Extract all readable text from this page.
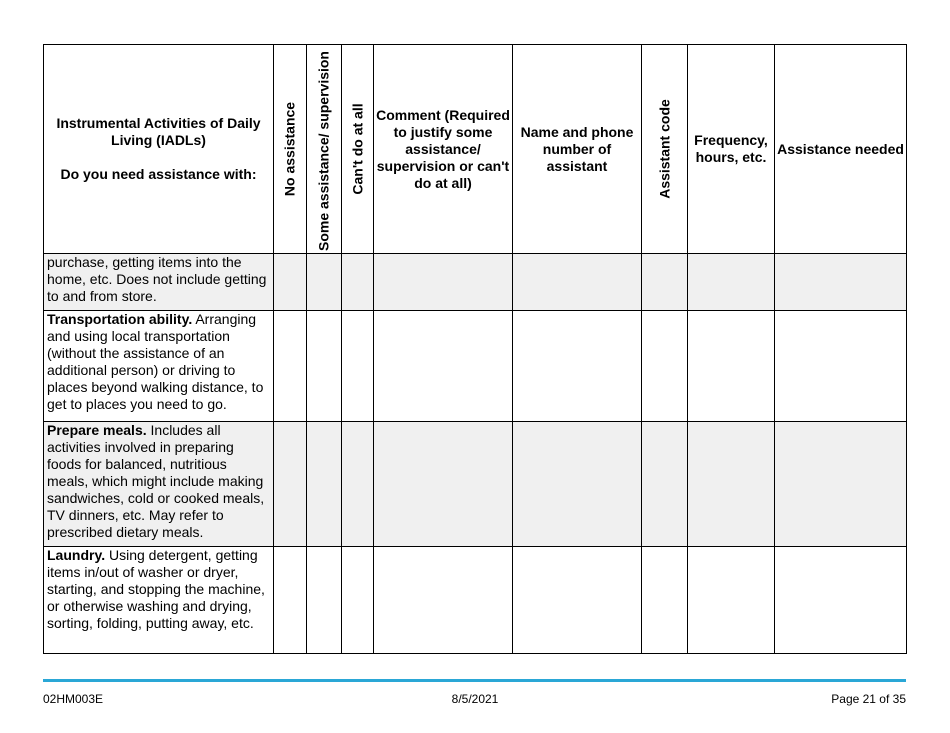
Instrumental Activities of Daily Living (IADLs)
Do you need assistance with:	No assistance	Some assistance/ supervision	Can't do at all	Comment (Required to justify some assistance/ supervision or can't do at all)	Name and phone number of assistant	Assistant code	Frequency, hours, etc.	Assistance needed
purchase, getting items into the home, etc. Does not include getting to and from store.								
Transportation ability. Arranging and using local transportation (without the assistance of an additional person) or driving to places beyond walking distance, to get to places you need to go.								
Prepare meals. Includes all activities involved in preparing foods for balanced, nutritious meals, which might include making sandwiches, cold or cooked meals, TV dinners, etc. May refer to prescribed dietary meals.								
Laundry. Using detergent, getting items in/out of washer or dryer, starting, and stopping the machine, or otherwise washing and drying, sorting, folding, putting away, etc.								
02HM003E	8/5/2021	Page 21 of 35
